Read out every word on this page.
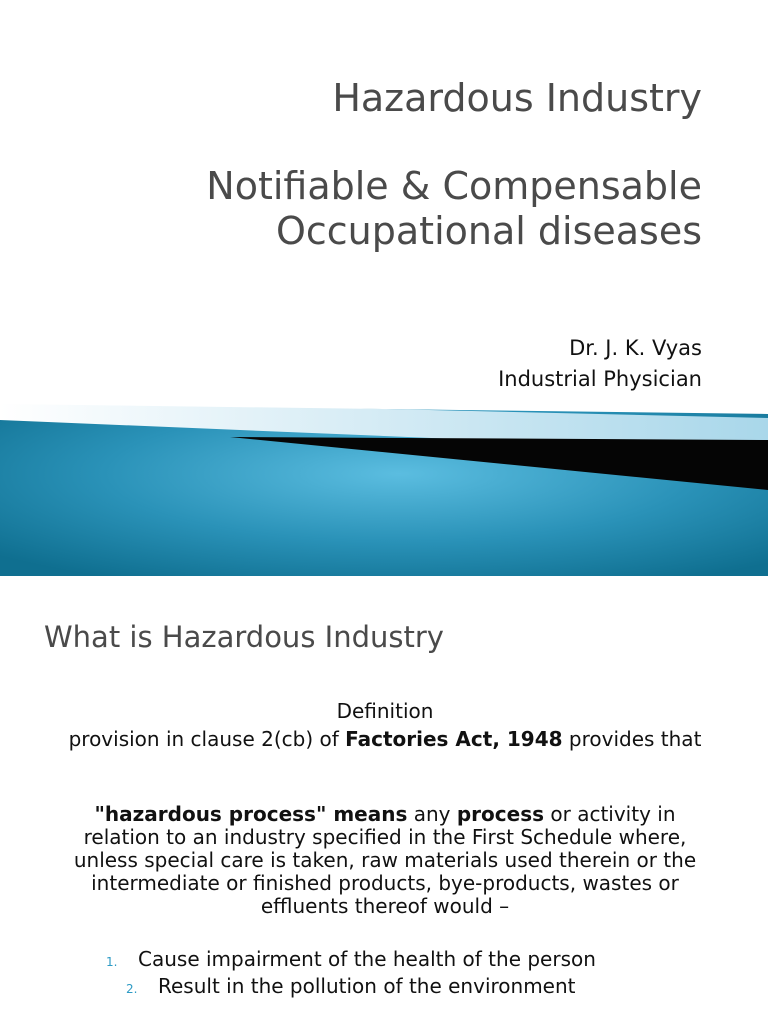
Hazardous Industry
Notifiable & Compensable
Occupational diseases
Dr. J. K. Vyas
Industrial Physician
What is Hazardous Industry
Definition
provision in clause 2(cb) of Factories Act, 1948 provides that
"hazardous process" means any process or activity in relation to an industry specified in the First Schedule where, unless special care is taken, raw materials used therein or the intermediate or finished products, bye-products, wastes or effluents thereof would –
1. Cause impairment of the health of the person
2. Result in the pollution of the environment
